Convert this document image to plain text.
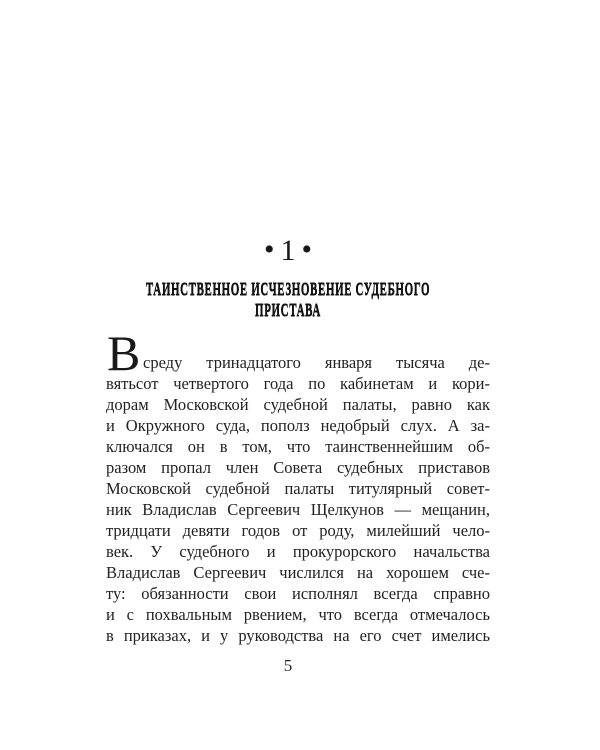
• 1 •
ТАИНСТВЕННОЕ ИСЧЕЗНОВЕНИЕ СУДЕБНОГО
ПРИСТАВА
В среду тринадцатого января тысяча де-
вятьсот четвертого года по кабинетам и кори-
дорам Московской судебной палаты, равно как
и Окружного суда, пополз недобрый слух. А за-
ключался он в том, что таинственнейшим об-
разом пропал член Совета судебных приставов
Московской судебной палаты титулярный совет-
ник Владислав Сергеевич Щелкунов — мещанин,
тридцати девяти годов от роду, милейший чело-
век. У судебного и прокурорского начальства
Владислав Сергеевич числился на хорошем сче-
ту: обязанности свои исполнял всегда справно
и с похвальным рвением, что всегда отмечалось
в приказах, и у руководства на его счет имелись
5
